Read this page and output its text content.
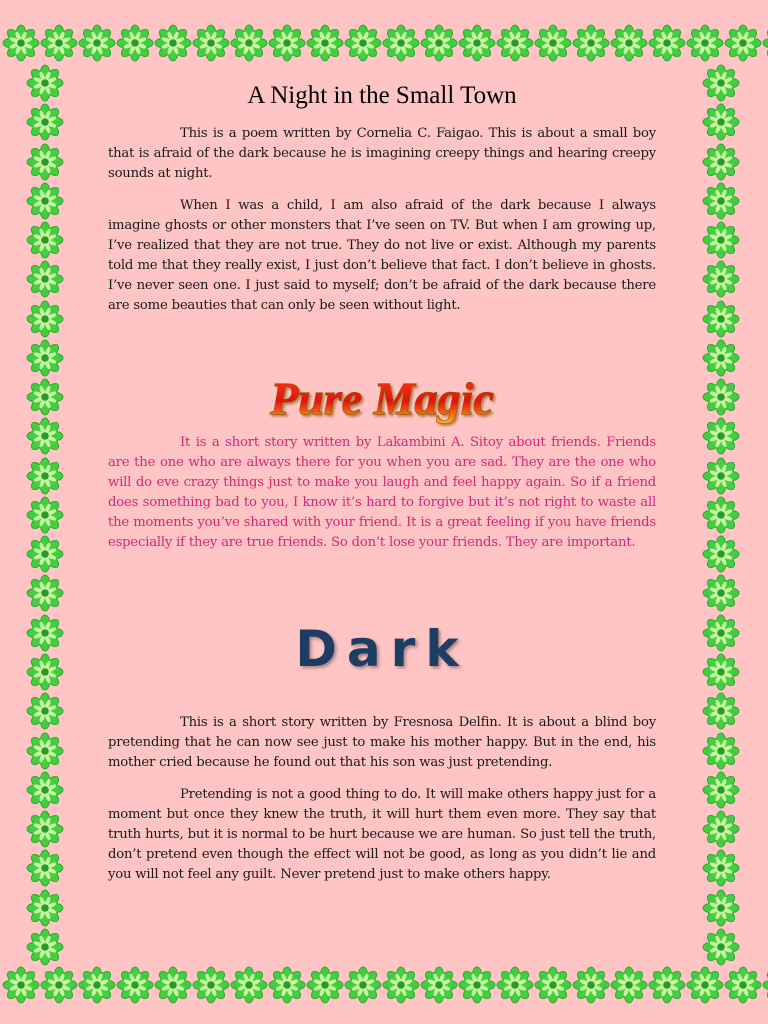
A Night in the Small Town

This is a poem written by Cornelia C. Faigao. This is about a small boy that is afraid of the dark because he is imagining creepy things and hearing creepy sounds at night.

When I was a child, I am also afraid of the dark because I always imagine ghosts or other monsters that I’ve seen on TV. But when I am growing up, I’ve realized that they are not true. They do not live or exist. Although my parents told me that they really exist, I just don’t believe that fact. I don’t believe in ghosts. I’ve never seen one. I just said to myself; don’t be afraid of the dark because there are some beauties that can only be seen without light.

Pure Magic

It is a short story written by Lakambini A. Sitoy about friends. Friends are the one who are always there for you when you are sad. They are the one who will do eve crazy things just to make you laugh and feel happy again. So if a friend does something bad to you, I know it’s hard to forgive but it’s not right to waste all the moments you’ve shared with your friend. It is a great feeling if you have friends especially if they are true friends. So don’t lose your friends. They are important.

Dark

This is a short story written by Fresnosa Delfin. It is about a blind boy pretending that he can now see just to make his mother happy. But in the end, his mother cried because he found out that his son was just pretending.

Pretending is not a good thing to do. It will make others happy just for a moment but once they knew the truth, it will hurt them even more. They say that truth hurts, but it is normal to be hurt because we are human. So just tell the truth, don’t pretend even though the effect will not be good, as long as you didn’t lie and you will not feel any guilt. Never pretend just to make others happy.
